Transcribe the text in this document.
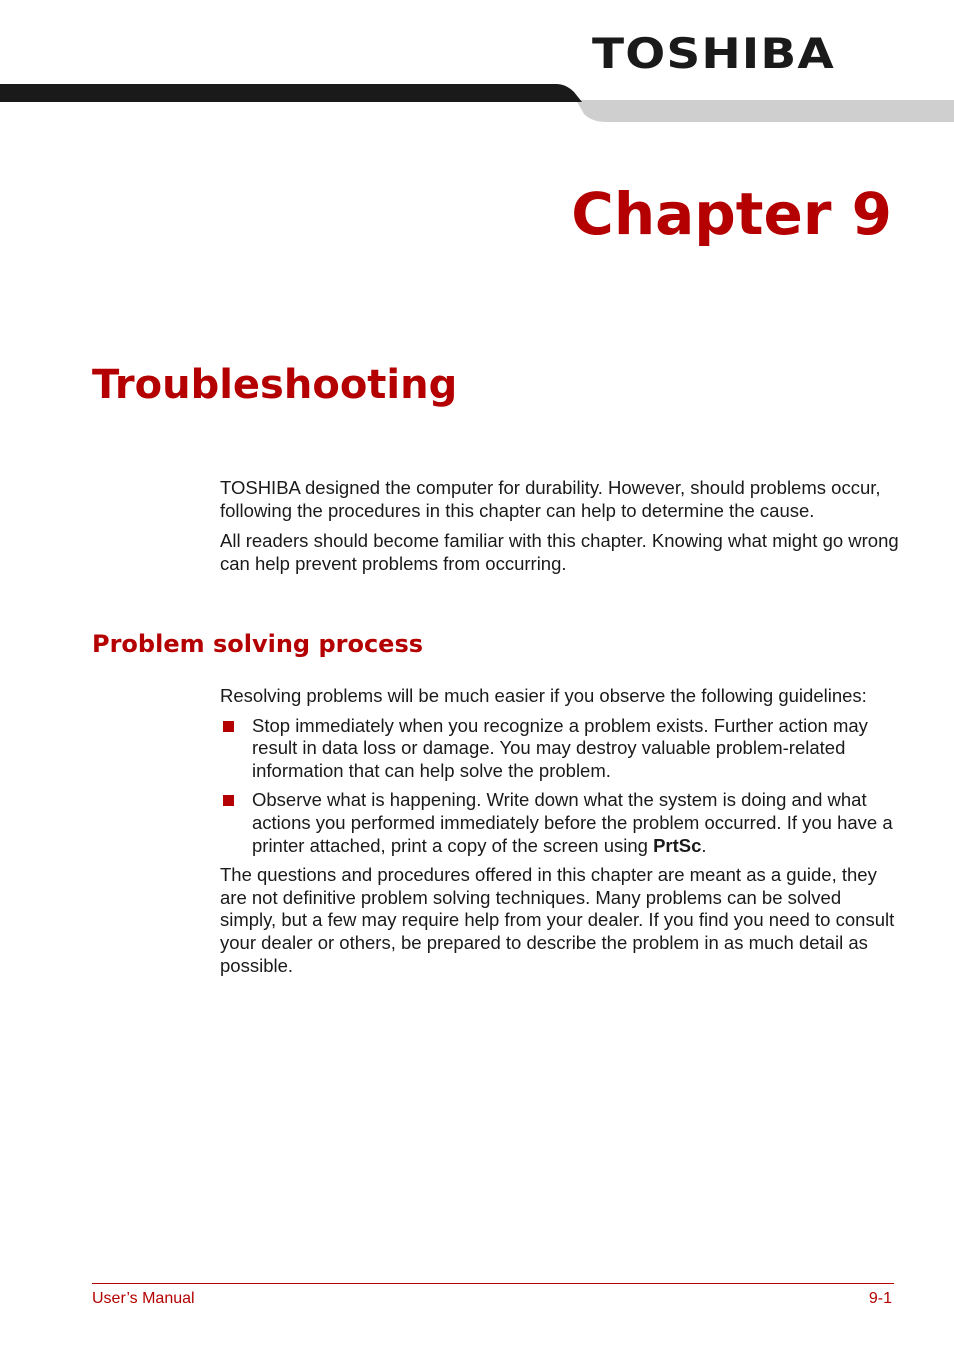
TOSHIBA
Chapter 9
Troubleshooting

TOSHIBA designed the computer for durability. However, should problems occur, following the procedures in this chapter can help to determine the cause.

All readers should become familiar with this chapter. Knowing what might go wrong can help prevent problems from occurring.

Problem solving process

Resolving problems will be much easier if you observe the following guidelines:

Stop immediately when you recognize a problem exists. Further action may result in data loss or damage. You may destroy valuable problem-related information that can help solve the problem.
Observe what is happening. Write down what the system is doing and what actions you performed immediately before the problem occurred. If you have a printer attached, print a copy of the screen using PrtSc.

The questions and procedures offered in this chapter are meant as a guide, they are not definitive problem solving techniques. Many problems can be solved simply, but a few may require help from your dealer. If you find you need to consult your dealer or others, be prepared to describe the problem in as much detail as possible.

User’s Manual	9-1
